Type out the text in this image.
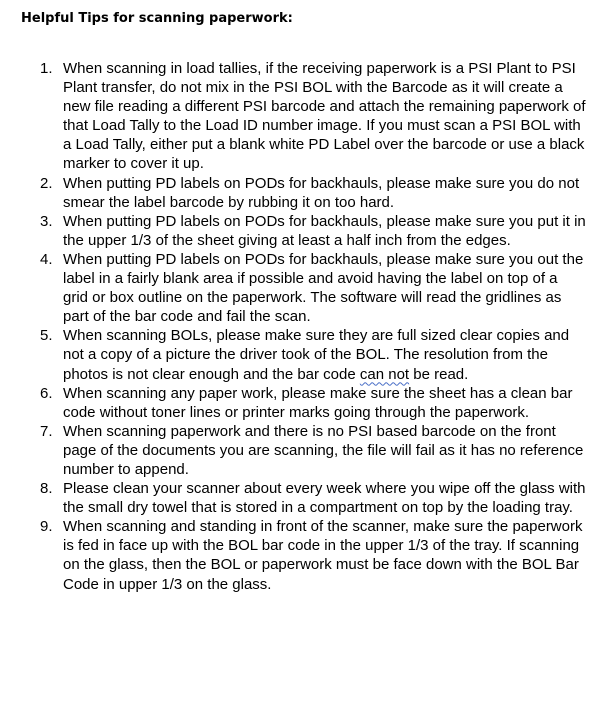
Helpful Tips for scanning paperwork:
1. When scanning in load tallies, if the receiving paperwork is a PSI Plant to PSI Plant transfer, do not mix in the PSI BOL with the Barcode as it will create a new file reading a different PSI barcode and attach the remaining paperwork of that Load Tally to the Load ID number image. If you must scan a PSI BOL with a Load Tally, either put a blank white PD Label over the barcode or use a black marker to cover it up.
2. When putting PD labels on PODs for backhauls, please make sure you do not smear the label barcode by rubbing it on too hard.
3. When putting PD labels on PODs for backhauls, please make sure you put it in the upper 1/3 of the sheet giving at least a half inch from the edges.
4. When putting PD labels on PODs for backhauls, please make sure you out the label in a fairly blank area if possible and avoid having the label on top of a grid or box outline on the paperwork. The software will read the gridlines as part of the bar code and fail the scan.
5. When scanning BOLs, please make sure they are full sized clear copies and not a copy of a picture the driver took of the BOL. The resolution from the photos is not clear enough and the bar code can not be read.
6. When scanning any paper work, please make sure the sheet has a clean bar code without toner lines or printer marks going through the paperwork.
7. When scanning paperwork and there is no PSI based barcode on the front page of the documents you are scanning, the file will fail as it has no reference number to append.
8. Please clean your scanner about every week where you wipe off the glass with the small dry towel that is stored in a compartment on top by the loading tray.
9. When scanning and standing in front of the scanner, make sure the paperwork is fed in face up with the BOL bar code in the upper 1/3 of the tray. If scanning on the glass, then the BOL or paperwork must be face down with the BOL Bar Code in upper 1/3 on the glass.
